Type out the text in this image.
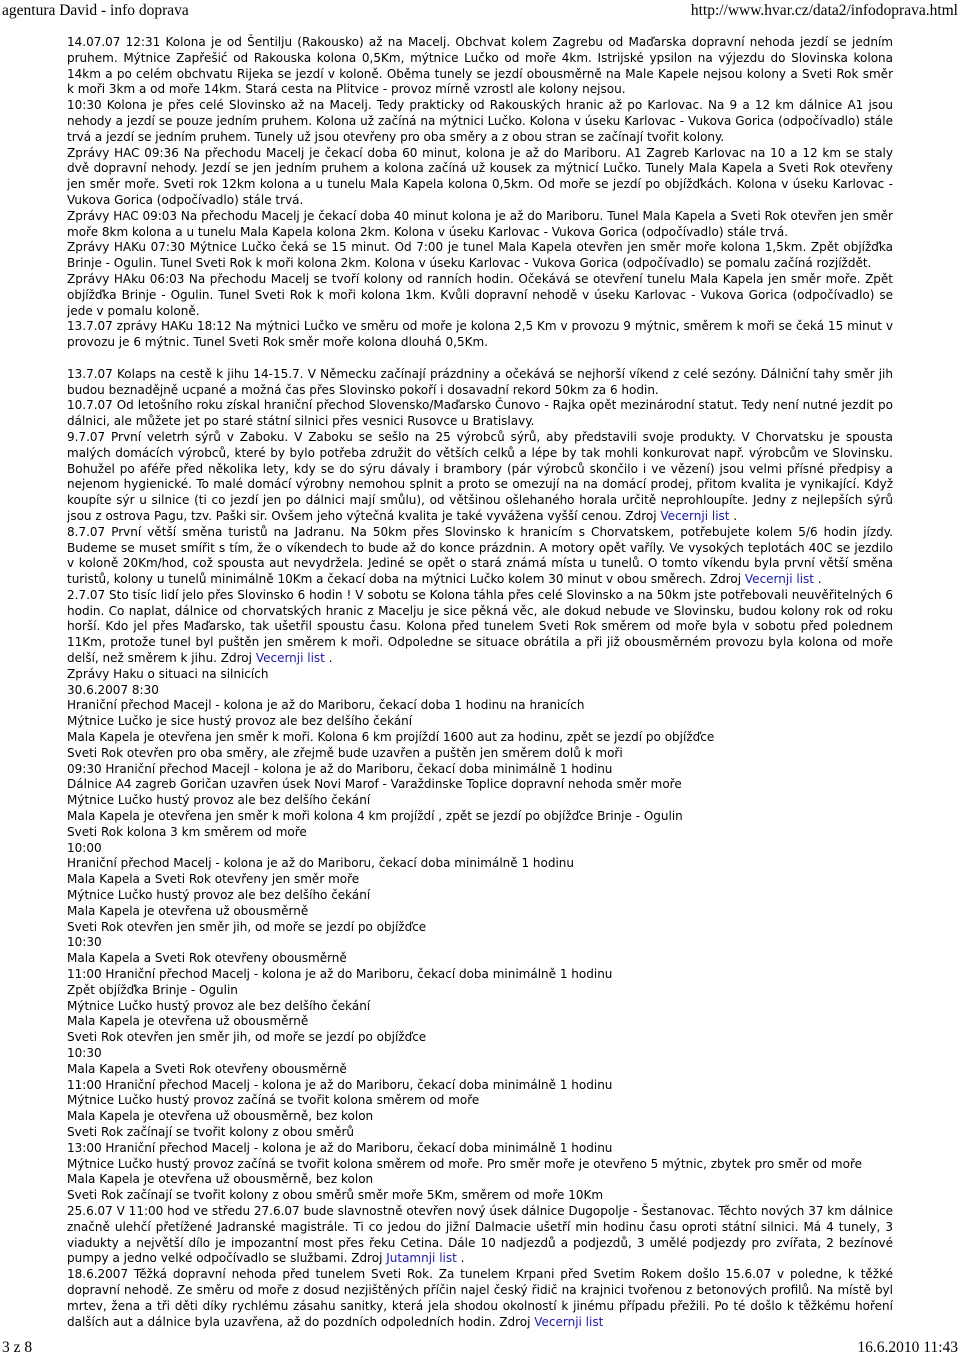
agentura David - info doprava	http://www.hvar.cz/data2/infodoprava.html

14.07.07 12:31 Kolona je od Šentilju (Rakousko) až na Macelj. Obchvat kolem Zagrebu od Maďarska dopravní nehoda jezdí se jedním pruhem. Mýtnice Zapřešić od Rakouska kolona 0,5Km, mýtnice Lučko od moře 4km. Istrijské ypsilon na výjezdu do Slovinska kolona 14km a po celém obchvatu Rijeka se jezdí v koloně. Oběma tunely se jezdí obousměrně na Male Kapele nejsou kolony a Sveti Rok směr k moři 3km a od moře 14km. Stará cesta na Plitvice - provoz mírně vzrostl ale kolony nejsou.

10:30 Kolona je přes celé Slovinsko až na Macelj. Tedy prakticky od Rakouských hranic až po Karlovac. Na 9 a 12 km dálnice A1 jsou nehody a jezdí se pouze jedním pruhem. Kolona už začíná na mýtnici Lučko. Kolona v úseku Karlovac - Vukova Gorica (odpočívadlo) stále trvá a jezdí se jedním pruhem. Tunely už jsou otevřeny pro oba směry a z obou stran se začínají tvořit kolony.

Zprávy HAC 09:36 Na přechodu Macelj je čekací doba 60 minut, kolona je až do Mariboru. A1 Zagreb Karlovac na 10 a 12 km se staly dvě dopravní nehody. Jezdí se jen jedním pruhem a kolona začíná už kousek za mýtnicí Lučko. Tunely Mala Kapela a Sveti Rok otevřeny jen směr moře. Sveti rok 12km kolona a u tunelu Mala Kapela kolona 0,5km. Od moře se jezdí po objížďkách. Kolona v úseku Karlovac - Vukova Gorica (odpočívadlo) stále trvá.

Zprávy HAC 09:03 Na přechodu Macelj je čekací doba 40 minut kolona je až do Mariboru. Tunel Mala Kapela a Sveti Rok otevřen jen směr moře 8km kolona a u tunelu Mala Kapela kolona 2km. Kolona v úseku Karlovac - Vukova Gorica (odpočívadlo) stále trvá.

Zprávy HAKu 07:30 Mýtnice Lučko čeká se 15 minut. Od 7:00 je tunel Mala Kapela otevřen jen směr moře kolona 1,5km. Zpět objížďka Brinje - Ogulin. Tunel Sveti Rok k moři kolona 2km. Kolona v úseku Karlovac - Vukova Gorica (odpočívadlo) se pomalu začíná rozjíždět.

Zprávy HAku 06:03 Na přechodu Macelj se tvoří kolony od ranních hodin. Očekává se otevření tunelu Mala Kapela jen směr moře. Zpět objížďka Brinje - Ogulin. Tunel Sveti Rok k moři kolona 1km. Kvůli dopravní nehodě v úseku Karlovac - Vukova Gorica (odpočívadlo) se jede v pomalu koloně.

13.7.07 zprávy HAKu 18:12 Na mýtnici Lučko ve směru od moře je kolona 2,5 Km v provozu 9 mýtnic, směrem k moři se čeká 15 minut v provozu je 6 mýtnic. Tunel Sveti Rok směr moře kolona dlouhá 0,5Km.

13.7.07 Kolaps na cestě k jihu 14-15.7. V Německu začínají prázdniny a očekává se nejhorší víkend z celé sezóny. Dálniční tahy směr jih budou beznadějně ucpané a možná čas přes Slovinsko pokoří i dosavadní rekord 50km za 6 hodin.

10.7.07 Od letošního roku získal hraniční přechod Slovensko/Maďarsko Čunovo - Rajka opět mezinárodní statut. Tedy není nutné jezdit po dálnici, ale můžete jet po staré státní silnici přes vesnici Rusovce u Bratislavy.

9.7.07 První veletrh sýrů v Zaboku. V Zaboku se sešlo na 25 výrobců sýrů, aby představili svoje produkty. V Chorvatsku je spousta malých domácích výrobců, které by bylo potřeba združit do větších celků a lépe by tak mohli konkurovat např. výrobcům ve Slovinsku. Bohužel po aféře před několika lety, kdy se do sýru dávaly i brambory (pár výrobců skončilo i ve vězení) jsou velmi přísné předpisy a nejenom hygienické. To malé domácí výrobny nemohou splnit a proto se omezují na na domácí prodej, přitom kvalita je vynikající. Když koupíte sýr u silnice (ti co jezdí jen po dálnici mají smůlu), od většinou ošlehaného horala určitě neprohloupíte. Jedny z nejlepších sýrů jsou z ostrova Pagu, tzv. Paški sir. Ovšem jeho výtečná kvalita je také vyvážena vyšší cenou. Zdroj Vecernji list .

8.7.07 První větší směna turistů na Jadranu. Na 50km přes Slovinsko k hranicím s Chorvatskem, potřebujete kolem 5/6 hodin jízdy. Budeme se muset smířit s tím, že o víkendech to bude až do konce prázdnin. A motory opět vaříly. Ve vysokých teplotách 40C se jezdilo v koloně 20Km/hod, což spousta aut nevydržela. Jediné se opět o stará známá místa u tunelů. O tomto víkendu byla první větší směna turistů, kolony u tunelů minimálně 10Km a čekací doba na mýtnici Lučko kolem 30 minut v obou směrech. Zdroj Vecernji list .

2.7.07 Sto tisíc lidí jelo přes Slovinsko 6 hodin ! V sobotu se Kolona táhla přes celé Slovinsko a na 50km jste potřebovali neuvěřitelných 6 hodin. Co naplat, dálnice od chorvatských hranic z Macelju je sice pěkná věc, ale dokud nebude ve Slovinsku, budou kolony rok od roku horší. Kdo jel přes Maďarsko, tak ušetřil spoustu času. Kolona před tunelem Sveti Rok směrem od moře byla v sobotu před polednem 11Km, protože tunel byl puštěn jen směrem k moři. Odpoledne se situace obrátila a při již obousměrném provozu byla kolona od moře delší, než směrem k jihu. Zdroj Vecernji list .

Zprávy Haku o situaci na silnicích

30.6.2007 8:30

Hraniční přechod Macejl - kolona je až do Mariboru, čekací doba 1 hodinu na hranicích

Mýtnice Lučko je sice hustý provoz ale bez delšího čekání

Mala Kapela je otevřena jen směr k moři. Kolona 6 km projíždí 1600 aut za hodinu, zpět se jezdí po objížďce

Sveti Rok otevřen pro oba směry, ale zřejmě bude uzavřen a puštěn jen směrem dolů k moři

09:30 Hraniční přechod Macejl - kolona je až do Mariboru, čekací doba minimálně 1 hodinu

Dálnice A4 zagreb Goričan uzavřen úsek Novi Marof - Varaždinske Toplice dopravní nehoda směr moře

Mýtnice Lučko hustý provoz ale bez delšího čekání

Mala Kapela je otevřena jen směr k moři kolona 4 km projíždí , zpět se jezdí po objížďce Brinje - Ogulin

Sveti Rok kolona 3 km směrem od moře

10:00

Hraniční přechod Macelj - kolona je až do Mariboru, čekací doba minimálně 1 hodinu

Mala Kapela a Sveti Rok otevřeny jen směr moře

Mýtnice Lučko hustý provoz ale bez delšího čekání

Mala Kapela je otevřena už obousměrně

Sveti Rok otevřen jen směr jih, od moře se jezdí po objížďce

10:30

Mala Kapela a Sveti Rok otevřeny obousměrně

11:00 Hraniční přechod Macelj - kolona je až do Mariboru, čekací doba minimálně 1 hodinu

Zpět objížďka Brinje - Ogulin

Mýtnice Lučko hustý provoz ale bez delšího čekání

Mala Kapela je otevřena už obousměrně

Sveti Rok otevřen jen směr jih, od moře se jezdí po objížďce

10:30

Mala Kapela a Sveti Rok otevřeny obousměrně

11:00 Hraniční přechod Macelj - kolona je až do Mariboru, čekací doba minimálně 1 hodinu

Mýtnice Lučko hustý provoz začíná se tvořit kolona směrem od moře

Mala Kapela je otevřena už obousměrně, bez kolon

Sveti Rok začínají se tvořit kolony z obou směrů

13:00 Hraniční přechod Macelj - kolona je až do Mariboru, čekací doba minimálně 1 hodinu

Mýtnice Lučko hustý provoz začíná se tvořit kolona směrem od moře. Pro směr moře je otevřeno 5 mýtnic, zbytek pro směr od moře

Mala Kapela je otevřena už obousměrně, bez kolon

Sveti Rok začínají se tvořit kolony z obou směrů směr moře 5Km, směrem od moře 10Km

25.6.07 V 11:00 hod ve středu 27.6.07 bude slavnostně otevřen nový úsek dálnice Dugopolje - Šestanovac. Těchto nových 37 km dálnice značně ulehčí přetížené Jadranské magistrále. Ti co jedou do jižní Dalmacie ušetří min hodinu času oproti státní silnici. Má 4 tunely, 3 viadukty a největší dílo je impozantní most přes řeku Cetina. Dále 10 nadjezdů a podjezdů, 3 umělé podjezdy pro zvířata, 2 bezínové pumpy a jedno velké odpočívadlo se službami. Zdroj Jutamnji list .

18.6.2007 Těžká dopravní nehoda před tunelem Sveti Rok. Za tunelem Krpani před Svetim Rokem došlo 15.6.07 v poledne, k těžké dopravní nehodě. Ze směru od moře z dosud nezjištěných příčin najel český řidič na krajnici tvořenou z betonových profilů. Na místě byl mrtev, žena a tři děti díky rychlému zásahu sanitky, která jela shodou okolností k jinému případu přežili. Po té došlo k těžkému hoření dalších aut a dálnice byla uzavřena, až do pozdních odpoledních hodin. Zdroj Vecernji list

3 z 8	16.6.2010 11:43
